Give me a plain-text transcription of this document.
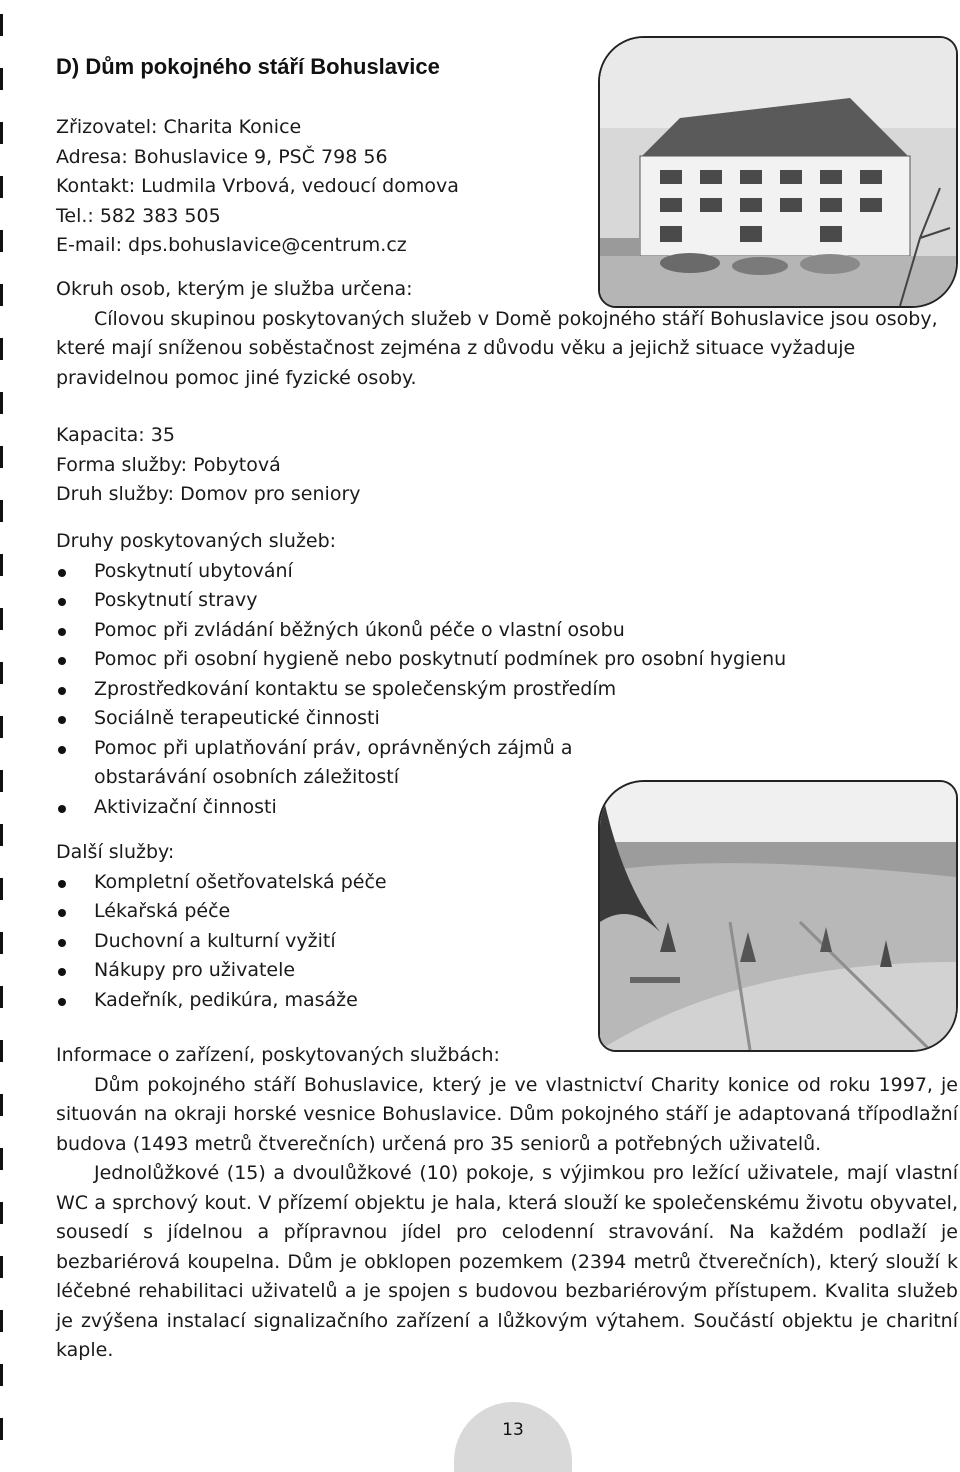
D) Dům pokojného stáří Bohuslavice
Zřizovatel: Charita Konice
Adresa: Bohuslavice 9, PSČ 798 56
Kontakt: Ludmila Vrbová, vedoucí domova
Tel.: 582 383 505
E-mail: dps.bohuslavice@centrum.cz

Okruh osob, kterým je služba určena:

Cílovou skupinou poskytovaných služeb v Domě pokojného stáří Bohuslavice jsou osoby, které mají sníženou soběstačnost zejména z důvodu věku a jejichž situace vyžaduje pravidelnou pomoc jiné fyzické osoby.

Kapacita: 35

Forma služby: Pobytová

Druh služby: Domov pro seniory

Druhy poskytovaných služeb:

Poskytnutí ubytování
Poskytnutí stravy
Pomoc při zvládání běžných úkonů péče o vlastní osobu
Pomoc při osobní hygieně nebo poskytnutí podmínek pro osobní hygienu
Zprostředkování kontaktu se společenským prostředím
Sociálně terapeutické činnosti
Pomoc při uplatňování práv, oprávněných zájmů a obstarávání osobních záležitostí
Aktivizační činnosti

Další služby:

Kompletní ošetřovatelská péče
Lékařská péče
Duchovní a kulturní vyžití
Nákupy pro uživatele
Kadeřník, pedikúra, masáže

Informace o zařízení, poskytovaných službách:

Dům pokojného stáří Bohuslavice, který je ve vlastnictví Charity konice od roku 1997, je situován na okraji horské vesnice Bohuslavice. Dům pokojného stáří je adaptovaná třípodlažní budova (1493 metrů čtverečních) určená pro 35 seniorů a potřebných uživatelů.

Jednolůžkové (15) a dvoulůžkové (10) pokoje, s výjimkou pro ležící uživatele, mají vlastní WC a sprchový kout. V přízemí objektu je hala, která slouží ke společenskému životu obyvatel, sousedí s jídelnou a přípravnou jídel pro celodenní stravování. Na každém podlaží je bezbariérová koupelna. Dům je obklopen pozemkem (2394 metrů čtverečních), který slouží k léčebné rehabilitaci uživatelů a je spojen s budovou bezbariérovým přístupem. Kvalita služeb je zvýšena instalací signalizačního zařízení a lůžkovým výtahem. Součástí objektu je charitní kaple.

13
